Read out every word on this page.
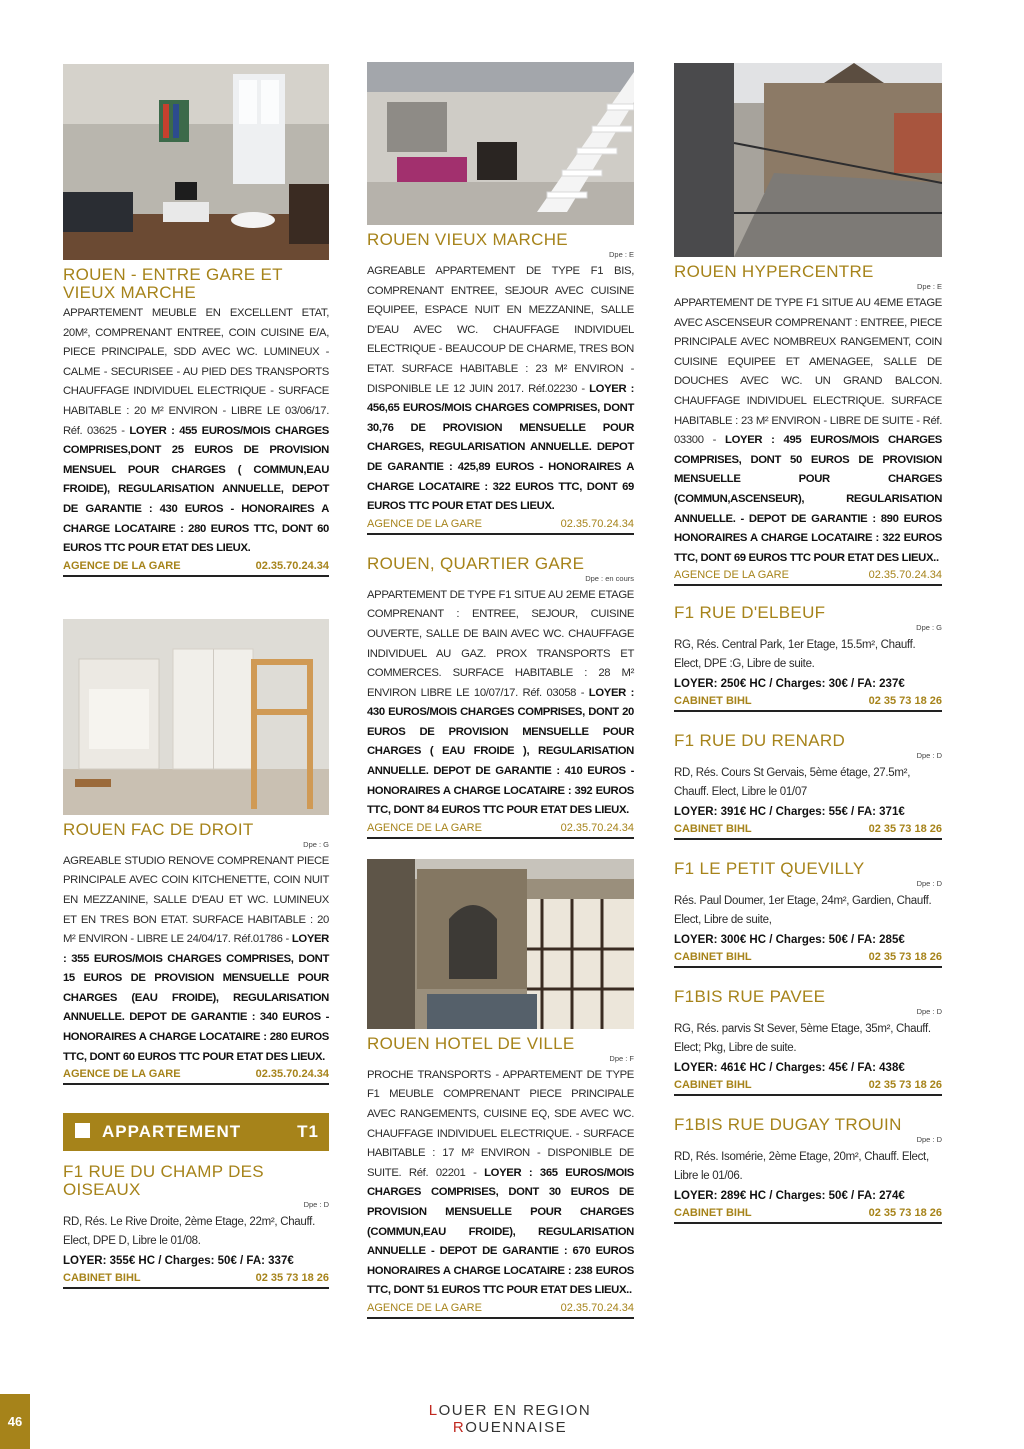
ROUEN - ENTRE GARE ET VIEUX MARCHE
APPARTEMENT MEUBLE EN EXCELLENT ETAT, 20M², COMPRENANT ENTREE, COIN CUISINE E/A, PIECE PRINCIPALE, SDD AVEC WC. LUMINEUX - CALME - SECURISEE - AU PIED DES TRANSPORTS CHAUFFAGE INDIVIDUEL ELECTRIQUE - SURFACE HABITABLE : 20 M² ENVIRON - LIBRE LE 03/06/17. Réf. 03625 - LOYER : 455 EUROS/MOIS CHARGES COMPRISES,DONT 25 EUROS DE PROVISION MENSUEL POUR CHARGES ( COMMUN,EAU FROIDE), REGULARISATION ANNUELLE, DEPOT DE GARANTIE : 430 EUROS - HONORAIRES A CHARGE LOCATAIRE : 280 EUROS TTC, DONT 60 EUROS TTC POUR ETAT DES LIEUX.
AGENCE DE LA GARE	02.35.70.24.34
ROUEN FAC DE DROIT
Dpe : G
AGREABLE STUDIO RENOVE COMPRENANT PIECE PRINCIPALE AVEC COIN KITCHENETTE, COIN NUIT EN MEZZANINE, SALLE D'EAU ET WC. LUMINEUX ET EN TRES BON ETAT. SURFACE HABITABLE : 20 M² ENVIRON - LIBRE LE 24/04/17. Réf.01786 - LOYER : 355 EUROS/MOIS CHARGES COMPRISES, DONT 15 EUROS DE PROVISION MENSUELLE POUR CHARGES (EAU FROIDE), REGULARISATION ANNUELLE. DEPOT DE GARANTIE : 340 EUROS - HONORAIRES A CHARGE LOCATAIRE : 280 EUROS TTC, DONT 60 EUROS TTC POUR ETAT DES LIEUX.
AGENCE DE LA GARE	02.35.70.24.34
APPARTEMENT	T1
F1 RUE DU CHAMP DES OISEAUX
Dpe : D
RD, Rés. Le Rive Droite, 2ème Etage, 22m², Chauff. Elect, DPE D, Libre le 01/08.
LOYER: 355€ HC / Charges: 50€ / FA: 337€
CABINET BIHL	02 35 73 18 26
ROUEN VIEUX MARCHE
Dpe : E
AGREABLE APPARTEMENT DE TYPE F1 BIS, COMPRENANT ENTREE, SEJOUR AVEC CUISINE EQUIPEE, ESPACE NUIT EN MEZZANINE, SALLE D'EAU AVEC WC. CHAUFFAGE INDIVIDUEL ELECTRIQUE - BEAUCOUP DE CHARME, TRES BON ETAT. SURFACE HABITABLE : 23 M² ENVIRON - DISPONIBLE LE 12 JUIN 2017. Réf.02230 - LOYER : 456,65 EUROS/MOIS CHARGES COMPRISES, DONT 30,76 DE PROVISION MENSUELLE POUR CHARGES, REGULARISATION ANNUELLE. DEPOT DE GARANTIE : 425,89 EUROS - HONORAIRES A CHARGE LOCATAIRE : 322 EUROS TTC, DONT 69 EUROS TTC POUR ETAT DES LIEUX.
AGENCE DE LA GARE	02.35.70.24.34
ROUEN, QUARTIER GARE
Dpe : en cours
APPARTEMENT DE TYPE F1 SITUE AU 2EME ETAGE COMPRENANT : ENTREE, SEJOUR, CUISINE OUVERTE, SALLE DE BAIN AVEC WC. CHAUFFAGE INDIVIDUEL AU GAZ. PROX TRANSPORTS ET COMMERCES. SURFACE HABITABLE : 28 M² ENVIRON LIBRE LE 10/07/17. Réf. 03058 - LOYER : 430 EUROS/MOIS CHARGES COMPRISES, DONT 20 EUROS DE PROVISION MENSUELLE POUR CHARGES ( EAU FROIDE ), REGULARISATION ANNUELLE. DEPOT DE GARANTIE : 410 EUROS - HONORAIRES A CHARGE LOCATAIRE : 392 EUROS TTC, DONT 84 EUROS TTC POUR ETAT DES LIEUX.
AGENCE DE LA GARE	02.35.70.24.34
ROUEN HOTEL DE VILLE
Dpe : F
PROCHE TRANSPORTS - APPARTEMENT DE TYPE F1 MEUBLE COMPRENANT PIECE PRINCIPALE AVEC RANGEMENTS, CUISINE EQ, SDE AVEC WC. CHAUFFAGE INDIVIDUEL ELECTRIQUE. - SURFACE HABITABLE : 17 M² ENVIRON - DISPONIBLE DE SUITE. Réf. 02201 - LOYER : 365 EUROS/MOIS CHARGES COMPRISES, DONT 30 EUROS DE PROVISION MENSUELLE POUR CHARGES (COMMUN,EAU FROIDE), REGULARISATION ANNUELLE - DEPOT DE GARANTIE : 670 EUROS HONORAIRES A CHARGE LOCATAIRE : 238 EUROS TTC, DONT 51 EUROS TTC POUR ETAT DES LIEUX..
AGENCE DE LA GARE	02.35.70.24.34
ROUEN HYPERCENTRE
Dpe : E
APPARTEMENT DE TYPE F1 SITUE AU 4EME ETAGE AVEC ASCENSEUR COMPRENANT : ENTREE, PIECE PRINCIPALE AVEC NOMBREUX RANGEMENT, COIN CUISINE EQUIPEE ET AMENAGEE, SALLE DE DOUCHES AVEC WC. UN GRAND BALCON. CHAUFFAGE INDIVIDUEL ELECTRIQUE. SURFACE HABITABLE : 23 M² ENVIRON - LIBRE DE SUITE - Réf. 03300 - LOYER : 495 EUROS/MOIS CHARGES COMPRISES, DONT 50 EUROS DE PROVISION MENSUELLE POUR CHARGES (COMMUN,ASCENSEUR), REGULARISATION ANNUELLE. - DEPOT DE GARANTIE : 890 EUROS HONORAIRES A CHARGE LOCATAIRE : 322 EUROS TTC, DONT 69 EUROS TTC POUR ETAT DES LIEUX..
AGENCE DE LA GARE	02.35.70.24.34
F1 RUE D'ELBEUF
Dpe : G
RG, Rés. Central Park, 1er Etage, 15.5m², Chauff. Elect, DPE :G, Libre de suite.
LOYER: 250€ HC / Charges: 30€ / FA: 237€
CABINET BIHL	02 35 73 18 26
F1 RUE DU RENARD
Dpe : D
RD, Rés. Cours St Gervais, 5ème étage, 27.5m², Chauff. Elect, Libre le 01/07
LOYER: 391€ HC / Charges: 55€ / FA: 371€
CABINET BIHL	02 35 73 18 26
F1 LE PETIT QUEVILLY
Dpe : D
Rés. Paul Doumer, 1er Etage, 24m², Gardien, Chauff. Elect, Libre de suite,
LOYER: 300€ HC / Charges: 50€ / FA: 285€
CABINET BIHL	02 35 73 18 26
F1BIS RUE PAVEE
Dpe : D
RG, Rés. parvis St Sever, 5ème Etage, 35m², Chauff. Elect; Pkg, Libre de suite.
LOYER: 461€ HC / Charges: 45€ / FA: 438€
CABINET BIHL	02 35 73 18 26
F1BIS RUE DUGAY TROUIN
Dpe : D
RD, Rés. Isomérie, 2ème Etage, 20m², Chauff. Elect, Libre le 01/06.
LOYER: 289€ HC / Charges: 50€ / FA: 274€
CABINET BIHL	02 35 73 18 26
46
LOUER EN REGION ROUENNAISE
